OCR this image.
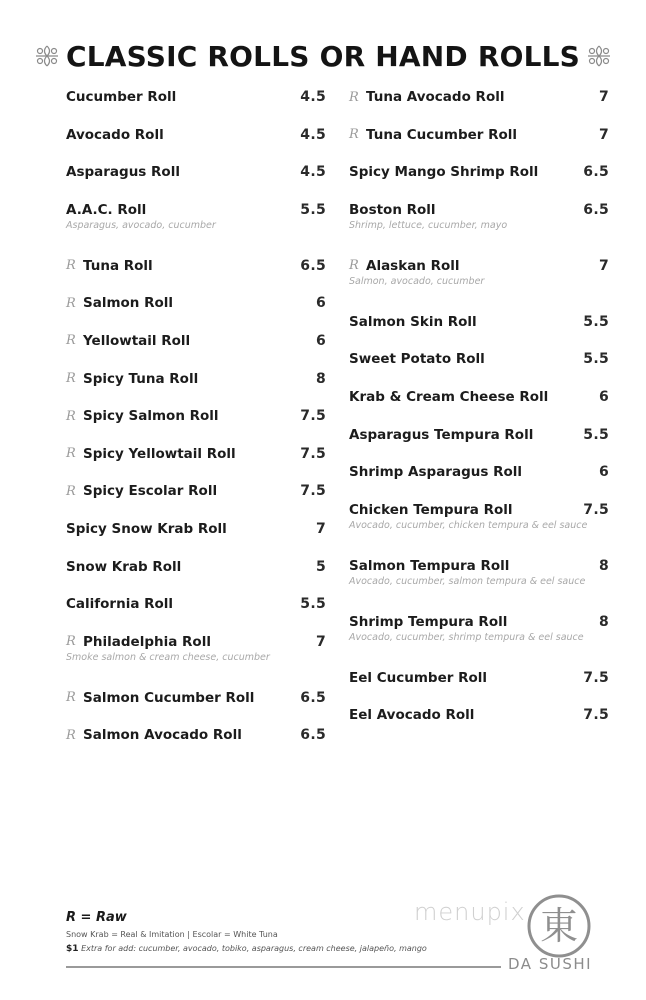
CLASSIC ROLLS OR HAND ROLLS
Cucumber Roll	4.5
Avocado Roll	4.5
Asparagus Roll	4.5
A.A.C. Roll	5.5
Asparagus, avocado, cucumber
R Tuna Roll	6.5
R Salmon Roll	6
R Yellowtail Roll	6
R Spicy Tuna Roll	8
R Spicy Salmon Roll	7.5
R Spicy Yellowtail Roll	7.5
R Spicy Escolar Roll	7.5
Spicy Snow Krab Roll	7
Snow Krab Roll	5
California Roll	5.5
R Philadelphia Roll	7
Smoke salmon & cream cheese, cucumber
R Salmon Cucumber Roll	6.5
R Salmon Avocado Roll	6.5
R Tuna Avocado Roll	7
R Tuna Cucumber Roll	7
Spicy Mango Shrimp Roll	6.5
Boston Roll	6.5
Shrimp, lettuce, cucumber, mayo
R Alaskan Roll	7
Salmon, avocado, cucumber
Salmon Skin Roll	5.5
Sweet Potato Roll	5.5
Krab & Cream Cheese Roll	6
Asparagus Tempura Roll	5.5
Shrimp Asparagus Roll	6
Chicken Tempura Roll	7.5
Avocado, cucumber, chicken tempura & eel sauce
Salmon Tempura Roll	8
Avocado, cucumber, salmon tempura & eel sauce
Shrimp Tempura Roll	8
Avocado, cucumber, shrimp tempura & eel sauce
Eel Cucumber Roll	7.5
Eel Avocado Roll	7.5
R = Raw
Snow Krab = Real & Imitation | Escolar = White Tuna
$1 Extra for add: cucumber, avocado, tobiko, asparagus, cream cheese, jalapeño, mango
menupix 東
DA SUSHI
